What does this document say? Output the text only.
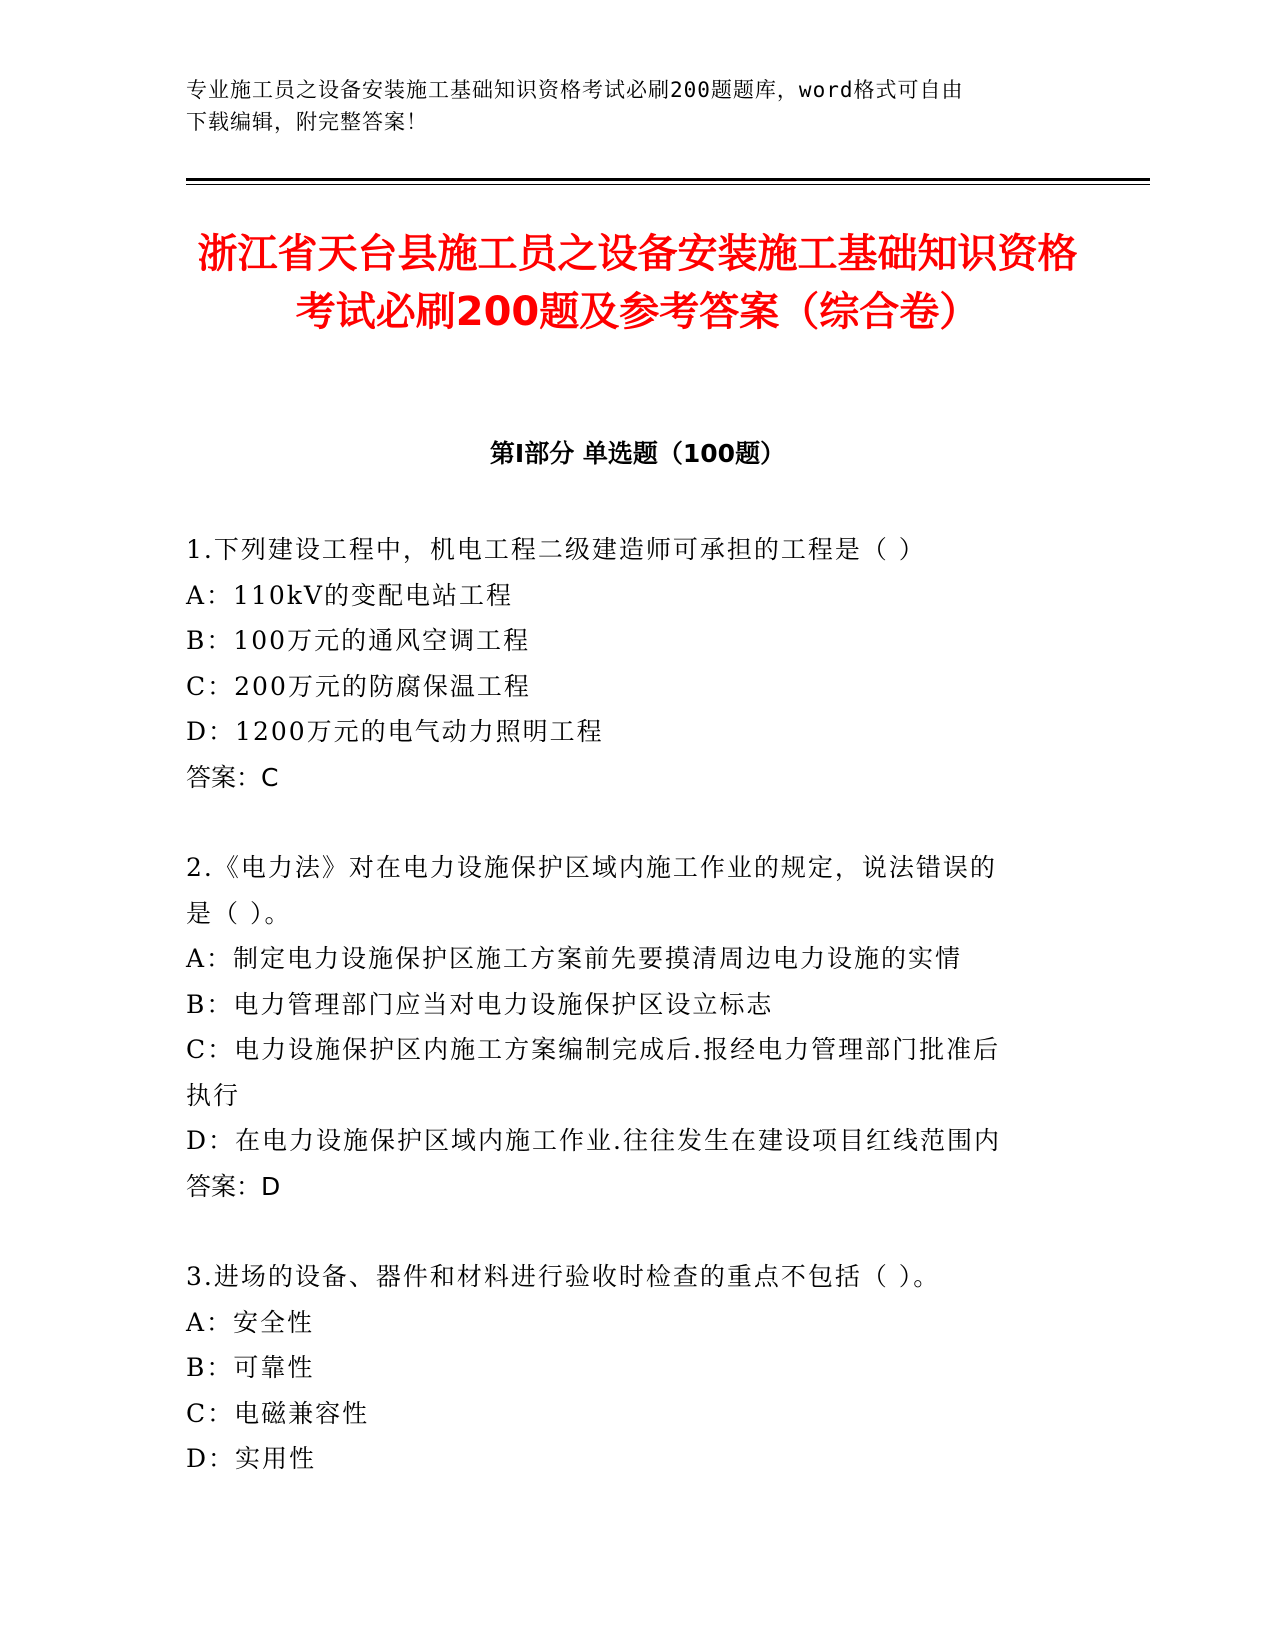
专业施工员之设备安装施工基础知识资格考试必刷200题题库，word格式可自由
下载编辑，附完整答案！
浙江省天台县施工员之设备安装施工基础知识资格考试必刷200题及参考答案（综合卷）
第Ⅰ部分 单选题（100题）

1.下列建设工程中，机电工程二级建造师可承担的工程是（ ）

A：110kV的变配电站工程

B：100万元的通风空调工程

C：200万元的防腐保温工程

D：1200万元的电气动力照明工程

答案：C

2.《电力法》对在电力设施保护区域内施工作业的规定，说法错误的

是（ ）。

A：制定电力设施保护区施工方案前先要摸清周边电力设施的实情

B：电力管理部门应当对电力设施保护区设立标志

C：电力设施保护区内施工方案编制完成后.报经电力管理部门批准后

执行

D：在电力设施保护区域内施工作业.往往发生在建设项目红线范围内

答案：D

3.进场的设备、器件和材料进行验收时检查的重点不包括（ ）。

A：安全性

B：可靠性

C：电磁兼容性

D：实用性
